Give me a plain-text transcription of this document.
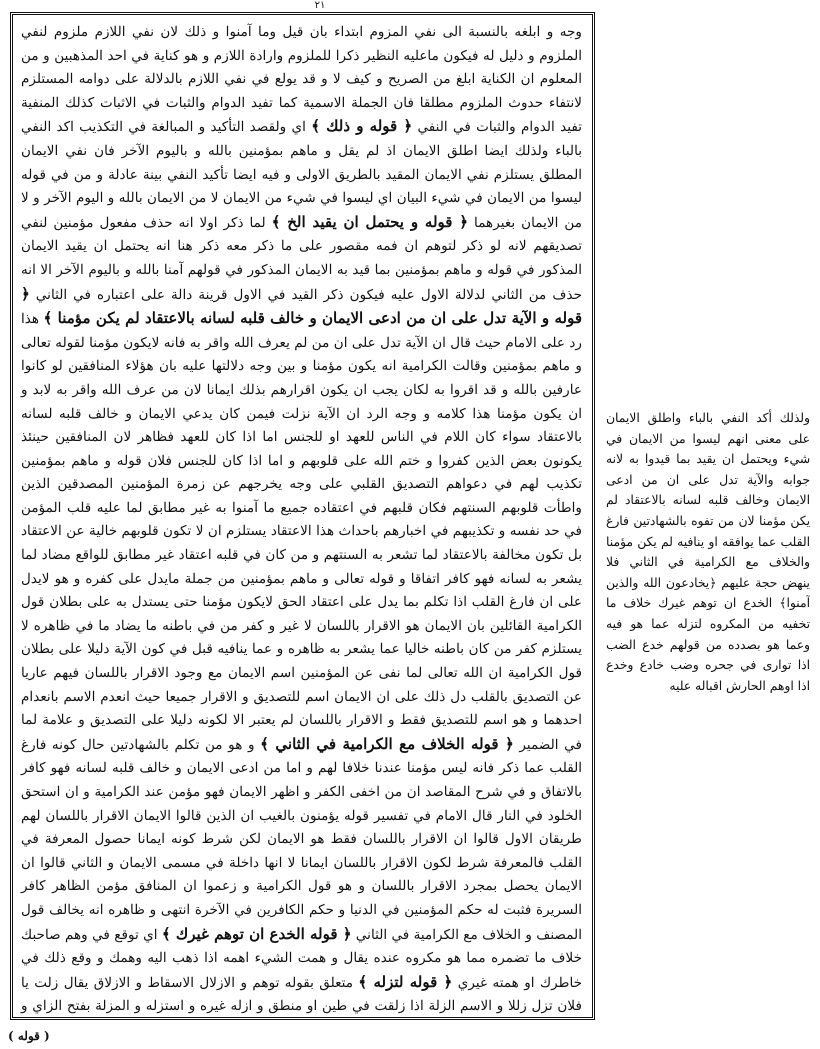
٢١

وجه و ابلغه بالنسبة الى نفي المزوم ابتداء بان قيل وما آمنوا و ذلك لان نفي اللازم ملزوم لنفي الملزوم و دليل له فيكون ماعليه النظير ذكرا للملزوم وارادة اللازم و هو كناية في احد المذهبين و من المعلوم ان الكناية ابلغ من الصريح و كيف لا و قد يولع في نفي اللازم بالدلالة على دوامه المستلزم لانتفاء حدوث الملزوم مطلقا فان الجملة الاسمية كما تفيد الدوام والثبات في الاثبات كذلك المنفية تفيد الدوام والثبات في النفي ﴿ قوله و ذلك ﴾ اي ولقصد التأكيد و المبالغة في التكذيب اكد النفي بالباء ولذلك ايضا اطلق الايمان اذ لم يقل و ماهم بمؤمنين بالله و باليوم الآخر فان نفي الايمان المطلق يستلزم نفي الايمان المقيد بالطريق الاولى و فيه ايضا تأكيد النفي بينة عادلة و من في قوله ليسوا من الايمان في شيء البيان اي ليسوا في شيء من الايمان لا من الايمان بالله و اليوم الآخر و لا من الايمان بغيرهما ﴿ قوله و يحتمل ان يقيد الخ ﴾ لما ذكر اولا انه حذف مفعول مؤمنين لنفي تصديقهم لانه لو ذكر لتوهم ان فمه مقصور على ما ذكر معه ذكر هنا انه يحتمل ان يقيد الايمان المذكور في قوله و ماهم بمؤمنين بما قيد به الايمان المذكور في قولهم آمنا بالله و باليوم الآخر الا انه حذف من الثاني لدلالة الاول عليه فيكون ذكر القيد في الاول قرينة دالة على اعتباره في الثاني ﴿ قوله و الآية تدل على ان من ادعى الايمان و خالف قلبه لسانه بالاعتقاد لم يكن مؤمنا ﴾ هذا رد على الامام حيث قال ان الآية تدل على ان من لم يعرف الله واقر به فانه لايكون مؤمنا لقوله تعالى و ماهم بمؤمنين وقالت الكرامية انه يكون مؤمنا و بين وجه دلالتها عليه بان هؤلاء المنافقين لو كانوا عارفين بالله و قد اقروا به لكان يجب ان يكون اقرارهم بذلك ايمانا لان من عرف الله واقر به لابد و ان يكون مؤمنا هذا كلامه و وجه الرد ان الآية نزلت فيمن كان يدعي الايمان و خالف قلبه لسانه بالاعتقاد سواء كان اللام في الناس للعهد او للجنس اما اذا كان للعهد فظاهر لان المنافقين حينئذ يكونون بعض الذين كفروا و ختم الله على قلوبهم و اما اذا كان للجنس فلان قوله و ماهم بمؤمنين تكذيب لهم في دعواهم التصديق القلبي على وجه يخرجهم عن زمرة المؤمنين المصدقين الذين واطأت قلوبهم السنتهم فكان قلبهم في اعتقاده جميع ما آمنوا به غير مطابق لما عليه قلب المؤمن في حد نفسه و تكذيبهم في اخبارهم باحداث هذا الاعتقاد يستلزم ان لا تكون قلوبهم خالية عن الاعتقاد بل تكون مخالفة بالاعتقاد لما تشعر به السنتهم و من كان في قلبه اعتقاد غير مطابق للواقع مضاد لما يشعر به لسانه فهو كافر اتفاقا و قوله تعالى و ماهم بمؤمنين من جملة مايدل على كفره و هو لايدل على ان فارغ القلب اذا تكلم بما يدل على اعتقاد الحق لايكون مؤمنا حتى يستدل به على بطلان قول الكرامية القائلين بان الايمان هو الاقرار باللسان لا غير و كفر من في باطنه ما يضاد ما في ظاهره لا يستلزم كفر من كان باطنه خاليا عما يشعر به ظاهره و عما ينافيه قبل في كون الآية دليلا على بطلان قول الكرامية ان الله تعالى لما نفى عن المؤمنين اسم الايمان مع وجود الاقرار باللسان فيهم عاريا عن التصديق بالقلب دل ذلك على ان الايمان اسم للتصديق و الاقرار جميعا حيث انعدم الاسم بانعدام احدهما و هو اسم للتصديق فقط و الاقرار باللسان لم يعتبر الا لكونه دليلا على التصديق و علامة لما في الضمير ﴿ قوله الخلاف مع الكرامية في الثاني ﴾ و هو من تكلم بالشهادتين حال كونه فارغ القلب عما ذكر فانه ليس مؤمنا عندنا خلافا لهم و اما من ادعى الايمان و خالف قلبه لسانه فهو كافر بالاتفاق و في شرح المقاصد ان من اخفى الكفر و اظهر الايمان فهو مؤمن عند الكرامية و ان استحق الخلود في النار قال الامام في تفسير قوله يؤمنون بالغيب ان الذين قالوا الايمان الاقرار باللسان لهم طريقان الاول قالوا ان الاقرار باللسان فقط هو الايمان لكن شرط كونه ايمانا حصول المعرفة في القلب فالمعرفة شرط لكون الاقرار باللسان ايمانا لا انها داخلة في مسمى الايمان و الثاني قالوا ان الايمان يحصل بمجرد الاقرار باللسان و هو قول الكرامية و زعموا ان المنافق مؤمن الظاهر كافر السريرة فثبت له حكم المؤمنين في الدنيا و حكم الكافرين في الآخرة انتهى و ظاهره انه يخالف قول المصنف و الخلاف مع الكرامية في الثاني ﴿ قوله الخدع ان توهم غيرك ﴾ اي توقع في وهم صاحبك خلاف ما تضمره مما هو مكروه عنده يقال و همت الشيء اهمه اذا ذهب اليه وهمك و وقع ذلك في خاطرك او همته غيري ﴿ قوله لتزله ﴾ متعلق بقوله توهم و الازلال الاسقاط و الازلاق يقال زلت يا فلان تزل زللا و الاسم الزلة اذا زلقت في طين او منطق و ازله غيره و استزله و المزلة بفتح الزاي و

ولذلك أكد النفي بالباء واطلق الايمان على معنى انهم ليسوا من الايمان في شيء ويحتمل ان يقيد بما قيدوا به لانه جوابه والآية تدل على ان من ادعى الايمان وخالف قلبه لسانه بالاعتقاد لم يكن مؤمنا لان من تفوه بالشهادتين فارغ القلب عما يوافقه او ينافيه لم يكن مؤمنا والخلاف مع الكرامية في الثاني فلا ينهض حجة عليهم ﴿يخادعون الله والذين آمنوا﴾ الخدع ان توهم غيرك خلاف ما تخفيه من المكروه لتزله عما هو فيه وعما هو بصدده من قولهم خدع الضب اذا توارى في جحره وضب خادع وخدع اذا اوهم الحارش اقباله عليه
( قوله )
